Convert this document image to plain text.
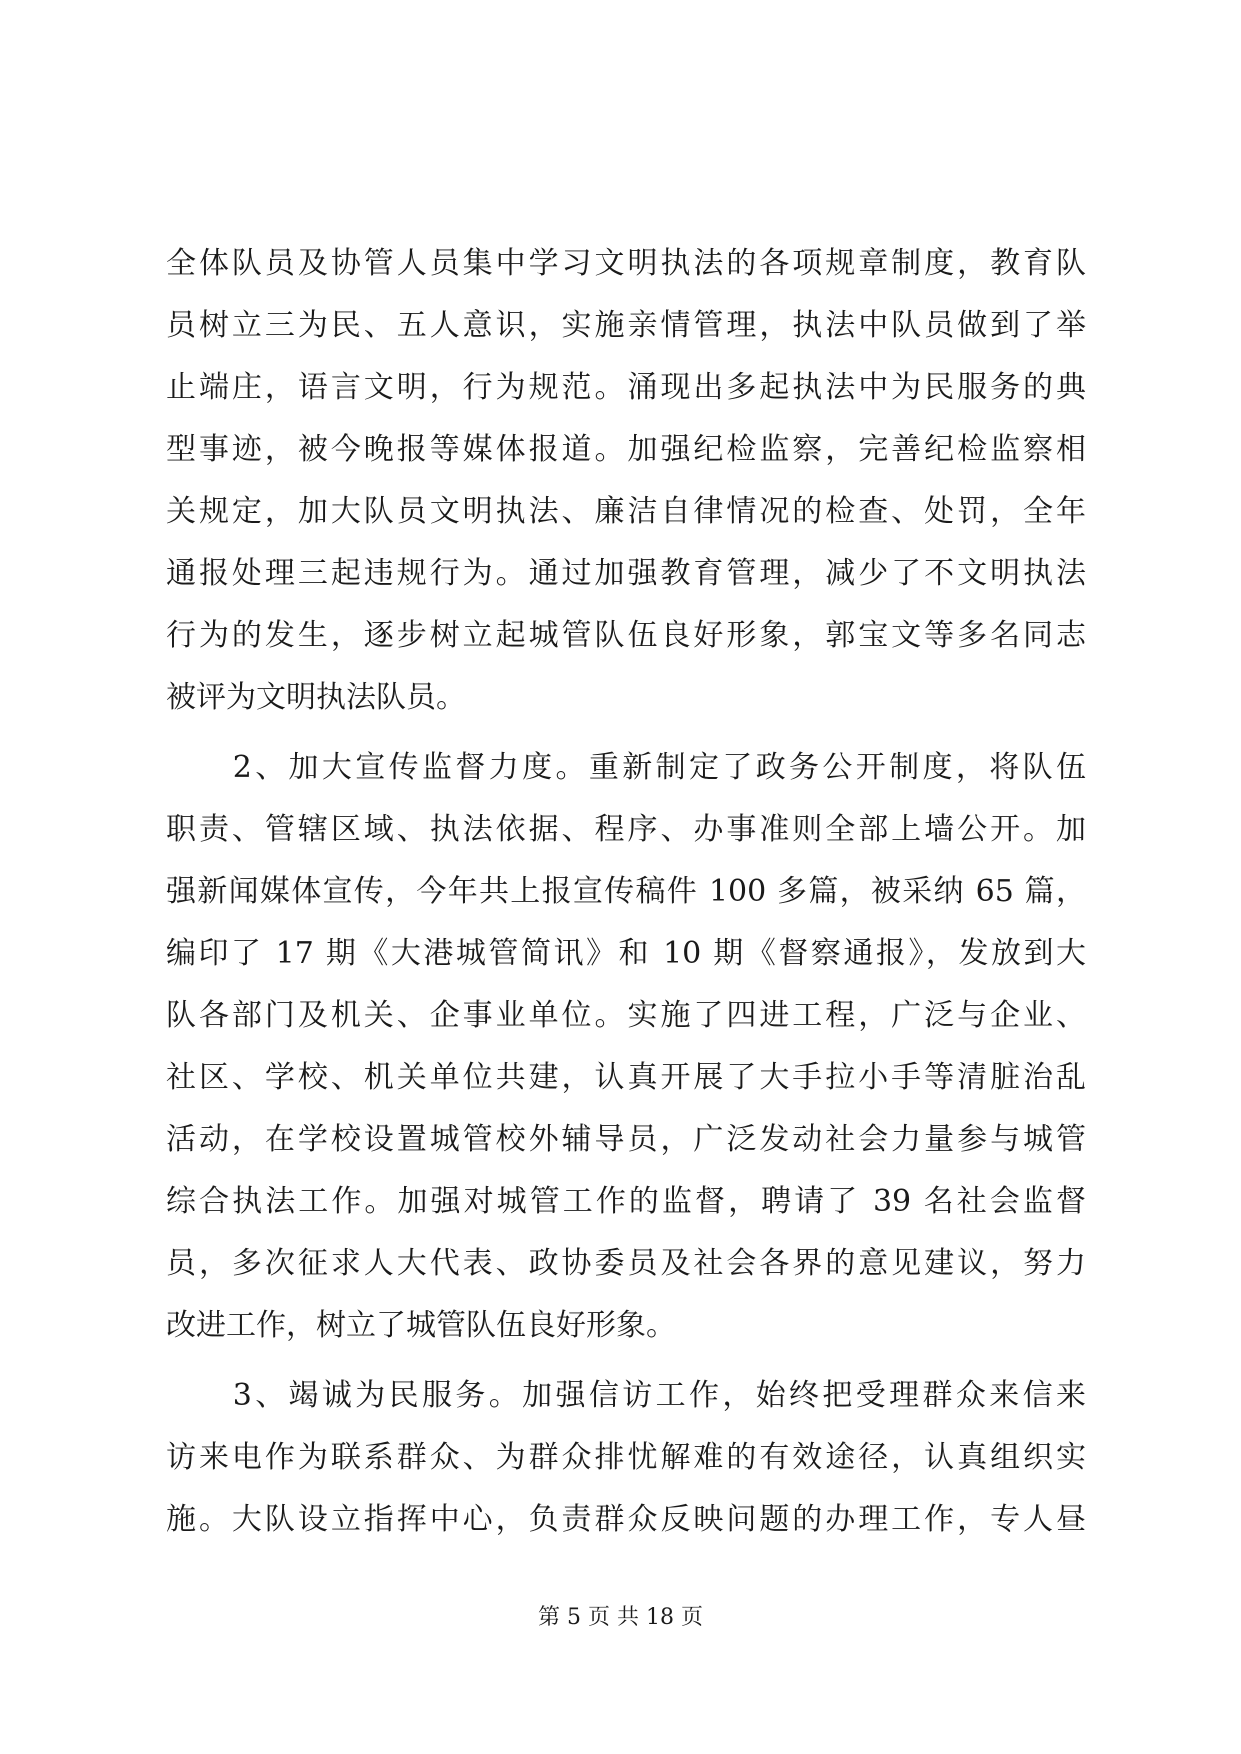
全体队员及协管人员集中学习文明执法的各项规章制度，教育队
员树立三为民、五人意识，实施亲情管理，执法中队员做到了举
止端庄，语言文明，行为规范。涌现出多起执法中为民服务的典
型事迹，被今晚报等媒体报道。加强纪检监察，完善纪检监察相
关规定，加大队员文明执法、廉洁自律情况的检查、处罚，全年
通报处理三起违规行为。通过加强教育管理，减少了不文明执法
行为的发生，逐步树立起城管队伍良好形象，郭宝文等多名同志
被评为文明执法队员。
　　2、加大宣传监督力度。重新制定了政务公开制度，将队伍
职责、管辖区域、执法依据、程序、办事准则全部上墙公开。加
强新闻媒体宣传，今年共上报宣传稿件 100 多篇，被采纳 65 篇，
编印了 17 期《大港城管简讯》和 10 期《督察通报》，发放到大
队各部门及机关、企事业单位。实施了四进工程，广泛与企业、
社区、学校、机关单位共建，认真开展了大手拉小手等清脏治乱
活动，在学校设置城管校外辅导员，广泛发动社会力量参与城管
综合执法工作。加强对城管工作的监督，聘请了 39 名社会监督
员，多次征求人大代表、政协委员及社会各界的意见建议，努力
改进工作，树立了城管队伍良好形象。
　　3、竭诚为民服务。加强信访工作，始终把受理群众来信来
访来电作为联系群众、为群众排忧解难的有效途径，认真组织实
施。大队设立指挥中心，负责群众反映问题的办理工作，专人昼
第 5 页 共 18 页
